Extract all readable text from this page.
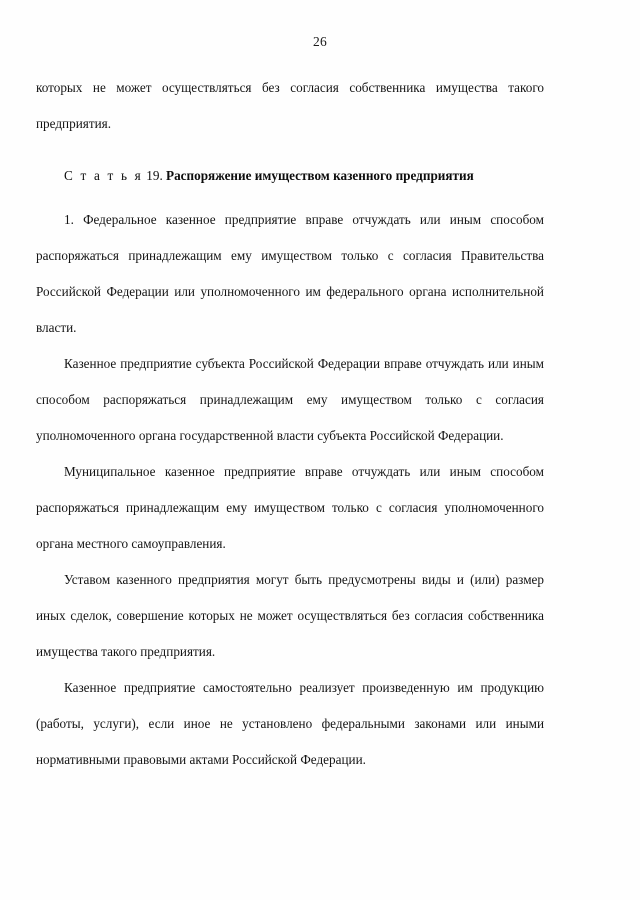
26

которых не может осуществляться без согласия собственника имущества такого предприятия.

С т а т ь я 19. Распоряжение имуществом казенного предприятия

1. Федеральное казенное предприятие вправе отчуждать или иным способом распоряжаться принадлежащим ему имуществом только с согласия Правительства Российской Федерации или уполномоченного им федерального органа исполнительной власти.

Казенное предприятие субъекта Российской Федерации вправе отчуждать или иным способом распоряжаться принадлежащим ему имуществом только с согласия уполномоченного органа государственной власти субъекта Российской Федерации.

Муниципальное казенное предприятие вправе отчуждать или иным способом распоряжаться принадлежащим ему имуществом только с согласия уполномоченного органа местного самоуправления.

Уставом казенного предприятия могут быть предусмотрены виды и (или) размер иных сделок, совершение которых не может осуществляться без согласия собственника имущества такого предприятия.

Казенное предприятие самостоятельно реализует произведенную им продукцию (работы, услуги), если иное не установлено федеральными законами или иными нормативными правовыми актами Российской Федерации.
